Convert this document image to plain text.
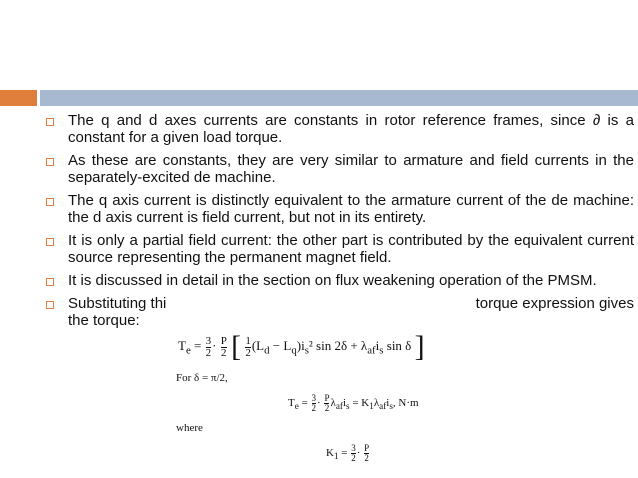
The q and d axes currents are constants in rotor reference frames, since ∂ is a constant for a given load torque.
As these are constants, they are very similar to armature and field currents in the separately-excited de machine.
The q axis current is distinctly equivalent to the armature current of the de machine: the d axis current is field current, but not in its entirety.
It is only a partial field current: the other part is contributed by the equivalent current source representing the permanent magnet field.
It is discussed in detail in the section on flux weakening operation of the PMSM.
Substituting thi	torque expression gives
the torque:
$T_e = \frac{3}{2} \cdot \frac{P}{2}$ [ $\frac{1}{2} (L_d - L_q)i_s^2$ $\sin 2\delta + \lambda_{af}i_s$ sin δ ]
For δ = π/2,
$T_e = \frac{3}{2} \cdot \frac{P}{2} \lambda_{af}i_s = K_1\lambda_{af}i_s$, N·m
where
$K_1 = \frac{3}{2} \cdot \frac{P}{2}$
